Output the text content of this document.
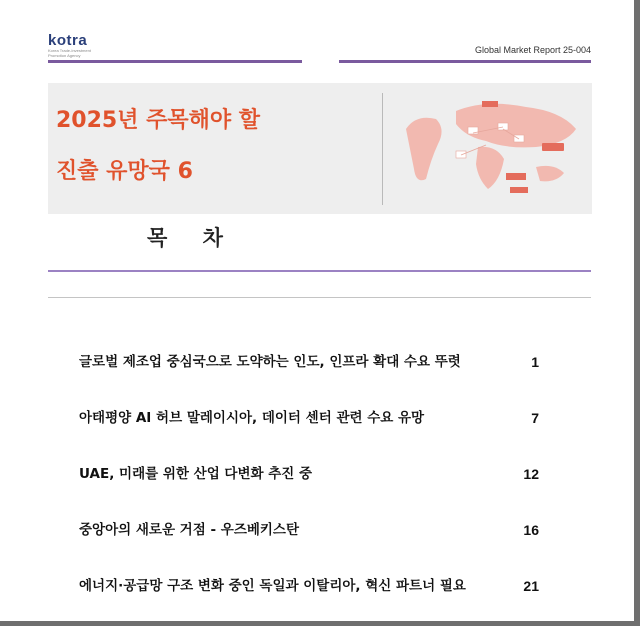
kotra
Korea Trade-Investment
Promotion Agency
Global Market Report 25-004
2025년 주목해야 할
진출 유망국 6
목 차
글로벌 제조업 중심국으로 도약하는 인도, 인프라 확대 수요 뚜렷	1
아태평양 AI 허브 말레이시아, 데이터 센터 관련 수요 유망	7
UAE, 미래를 위한 산업 다변화 추진 중	12
중앙아의 새로운 거점 - 우즈베키스탄	16
에너지·공급망 구조 변화 중인 독일과 이탈리아, 혁신 파트너 필요	21
